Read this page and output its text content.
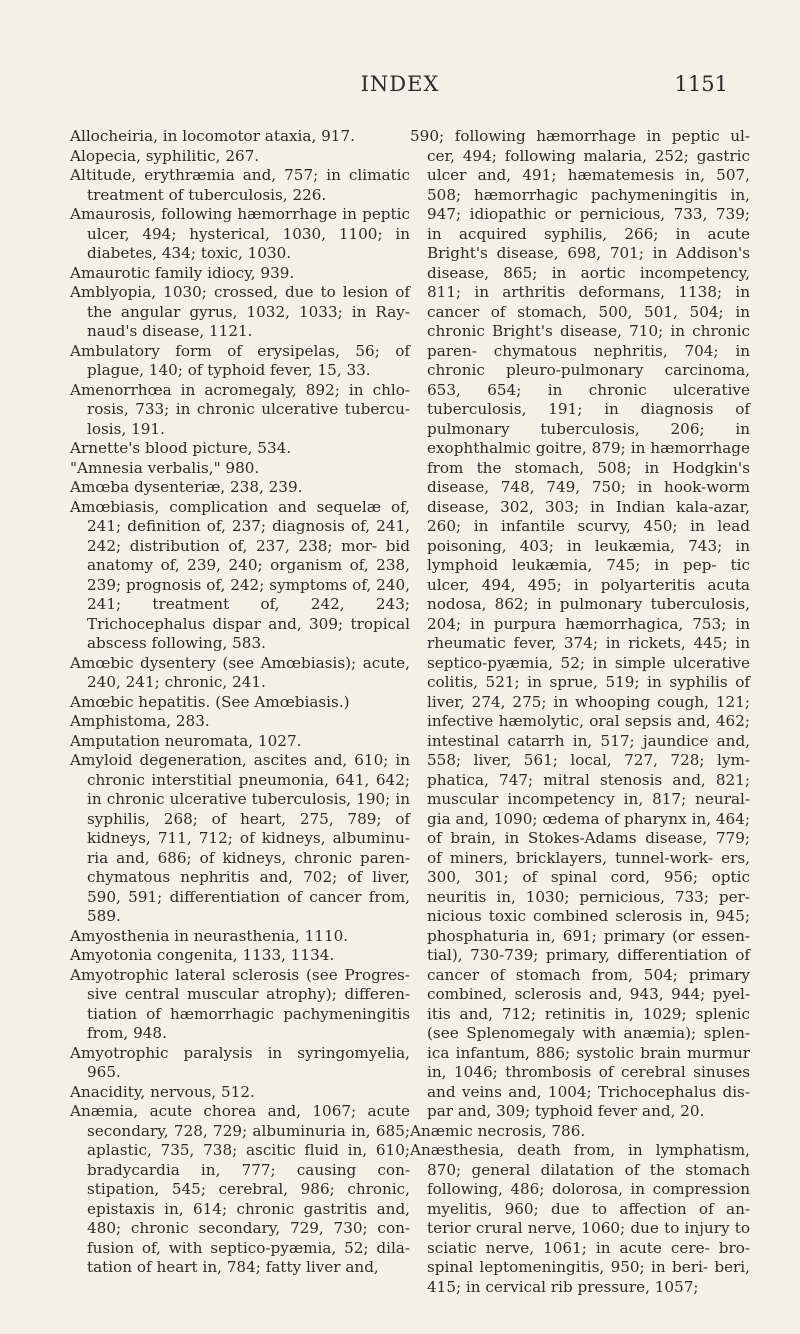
INDEX	1151

Allocheiria, in locomotor ataxia, 917.

Alopecia, syphilitic, 267.

Altitude, erythræmia and, 757; in climatic treatment of tuberculosis, 226.

Amaurosis, following hæmorrhage in peptic ulcer, 494; hysterical, 1030, 1100; in diabetes, 434; toxic, 1030.

Amaurotic family idiocy, 939.

Amblyopia, 1030; crossed, due to lesion of the angular gyrus, 1032, 1033; in Ray- naud's disease, 1121.

Ambulatory form of erysipelas, 56; of plague, 140; of typhoid fever, 15, 33.

Amenorrhœa in acromegaly, 892; in chlo- rosis, 733; in chronic ulcerative tubercu- losis, 191.

Arnette's blood picture, 534.

"Amnesia verbalis," 980.

Amœba dysenteriæ, 238, 239.

Amœbiasis, complication and sequelæ of, 241; definition of, 237; diagnosis of, 241, 242; distribution of, 237, 238; mor- bid anatomy of, 239, 240; organism of, 238, 239; prognosis of, 242; symptoms of, 240, 241; treatment of, 242, 243; Trichocephalus dispar and, 309; tropical abscess following, 583.

Amœbic dysentery (see Amœbiasis); acute, 240, 241; chronic, 241.

Amœbic hepatitis. (See Amœbiasis.)

Amphistoma, 283.

Amputation neuromata, 1027.

Amyloid degeneration, ascites and, 610; in chronic interstitial pneumonia, 641, 642; in chronic ulcerative tuberculosis, 190; in syphilis, 268; of heart, 275, 789; of kidneys, 711, 712; of kidneys, albuminu- ria and, 686; of kidneys, chronic paren- chymatous nephritis and, 702; of liver, 590, 591; differentiation of cancer from, 589.

Amyosthenia in neurasthenia, 1110.

Amyotonia congenita, 1133, 1134.

Amyotrophic lateral sclerosis (see Progres- sive central muscular atrophy); differen- tiation of hæmorrhagic pachymeningitis from, 948.

Amyotrophic paralysis in syringomyelia, 965.

Anacidity, nervous, 512.

Anæmia, acute chorea and, 1067; acute secondary, 728, 729; albuminuria in, 685; aplastic, 735, 738; ascitic fluid in, 610; bradycardia in, 777; causing con- stipation, 545; cerebral, 986; chronic, epistaxis in, 614; chronic gastritis and, 480; chronic secondary, 729, 730; con- fusion of, with septico-pyæmia, 52; dila- tation of heart in, 784; fatty liver and,

590; following hæmorrhage in peptic ul- cer, 494; following malaria, 252; gastric ulcer and, 491; hæmatemesis in, 507, 508; hæmorrhagic pachymeningitis in, 947; idiopathic or pernicious, 733, 739; in acquired syphilis, 266; in acute Bright's disease, 698, 701; in Addison's disease, 865; in aortic incompetency, 811; in arthritis deformans, 1138; in cancer of stomach, 500, 501, 504; in chronic Bright's disease, 710; in chronic paren- chymatous nephritis, 704; in chronic pleuro-pulmonary carcinoma, 653, 654; in chronic ulcerative tuberculosis, 191; in diagnosis of pulmonary tuberculosis, 206; in exophthalmic goitre, 879; in hæmorrhage from the stomach, 508; in Hodgkin's disease, 748, 749, 750; in hook-worm disease, 302, 303; in Indian kala-azar, 260; in infantile scurvy, 450; in lead poisoning, 403; in leukæmia, 743; in lymphoid leukæmia, 745; in pep- tic ulcer, 494, 495; in polyarteritis acuta nodosa, 862; in pulmonary tuberculosis, 204; in purpura hæmorrhagica, 753; in rheumatic fever, 374; in rickets, 445; in septico-pyæmia, 52; in simple ulcerative colitis, 521; in sprue, 519; in syphilis of liver, 274, 275; in whooping cough, 121; infective hæmolytic, oral sepsis and, 462; intestinal catarrh in, 517; jaundice and, 558; liver, 561; local, 727, 728; lym- phatica, 747; mitral stenosis and, 821; muscular incompetency in, 817; neural- gia and, 1090; œdema of pharynx in, 464; of brain, in Stokes-Adams disease, 779; of miners, bricklayers, tunnel-work- ers, 300, 301; of spinal cord, 956; optic neuritis in, 1030; pernicious, 733; per- nicious toxic combined sclerosis in, 945; phosphaturia in, 691; primary (or essen- tial), 730-739; primary, differentiation of cancer of stomach from, 504; primary combined, sclerosis and, 943, 944; pyel- itis and, 712; retinitis in, 1029; splenic (see Splenomegaly with anæmia); splen- ica infantum, 886; systolic brain murmur in, 1046; thrombosis of cerebral sinuses and veins and, 1004; Trichocephalus dis- par and, 309; typhoid fever and, 20.

Anæmic necrosis, 786.

Anæsthesia, death from, in lymphatism, 870; general dilatation of the stomach following, 486; dolorosa, in compression myelitis, 960; due to affection of an- terior crural nerve, 1060; due to injury to sciatic nerve, 1061; in acute cere- bro-spinal leptomeningitis, 950; in beri- beri, 415; in cervical rib pressure, 1057;
